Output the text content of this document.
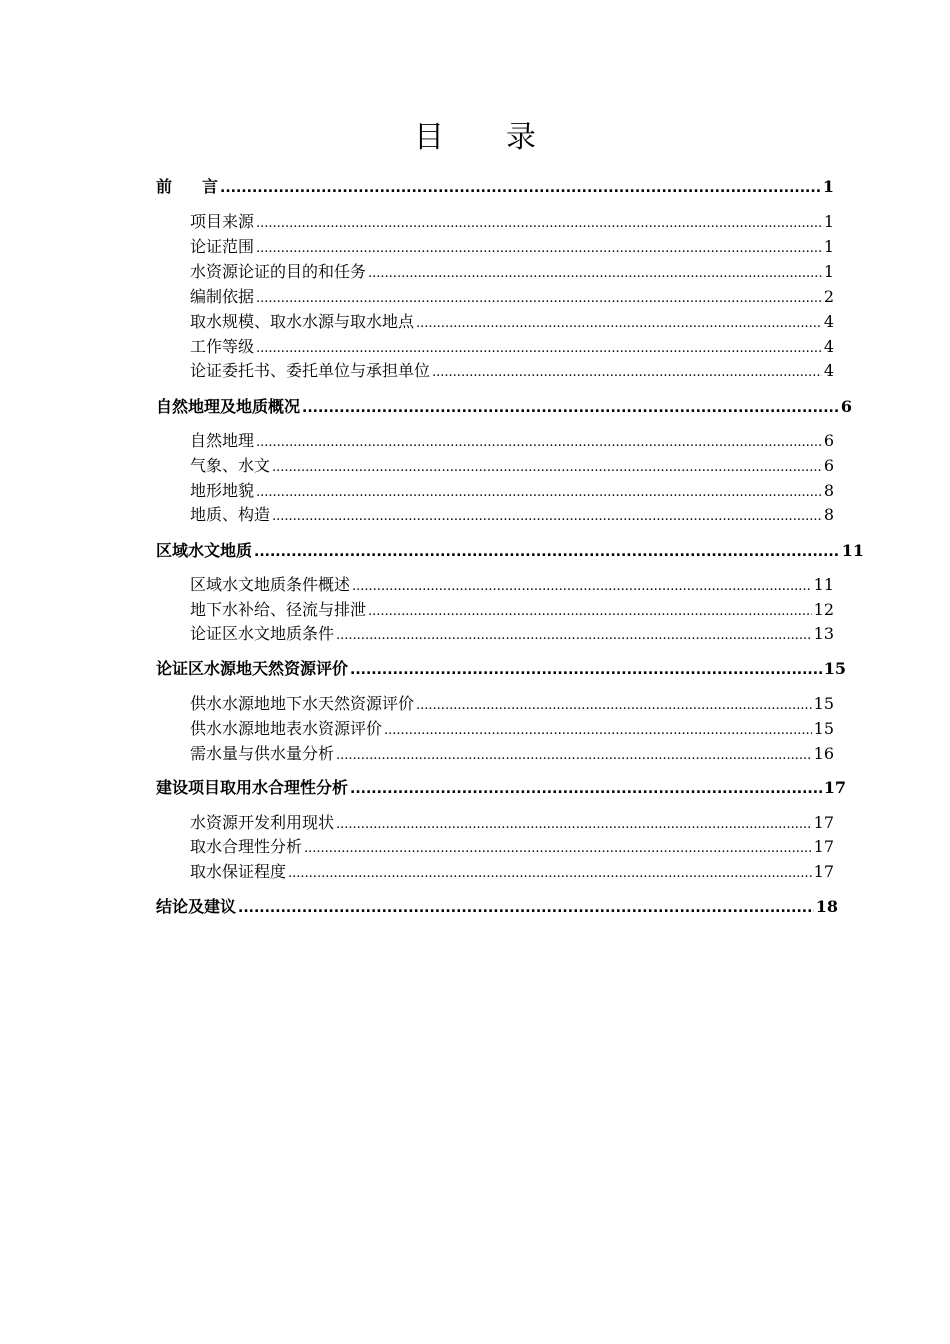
目 录
前 言 .....	1
项目来源 .....	1
论证范围 .....	1
水资源论证的目的和任务 .....	1
编制依据 .....	2
取水规模、取水水源与取水地点 .....	4
工作等级 .....	4
论证委托书、委托单位与承担单位 .....	4
自然地理及地质概况 .....	6
自然地理 .....	6
气象、水文 .....	6
地形地貌 .....	8
地质、构造 .....	8
区域水文地质 .....	11
区域水文地质条件概述 .....	11
地下水补给、径流与排泄 .....	12
论证区水文地质条件 .....	13
论证区水源地天然资源评价 .....	15
供水水源地地下水天然资源评价 .....	15
供水水源地地表水资源评价 .....	15
需水量与供水量分析 .....	16
建设项目取用水合理性分析 .....	17
水资源开发利用现状 .....	17
取水合理性分析 .....	17
取水保证程度 .....	17
结论及建议 .....	18
